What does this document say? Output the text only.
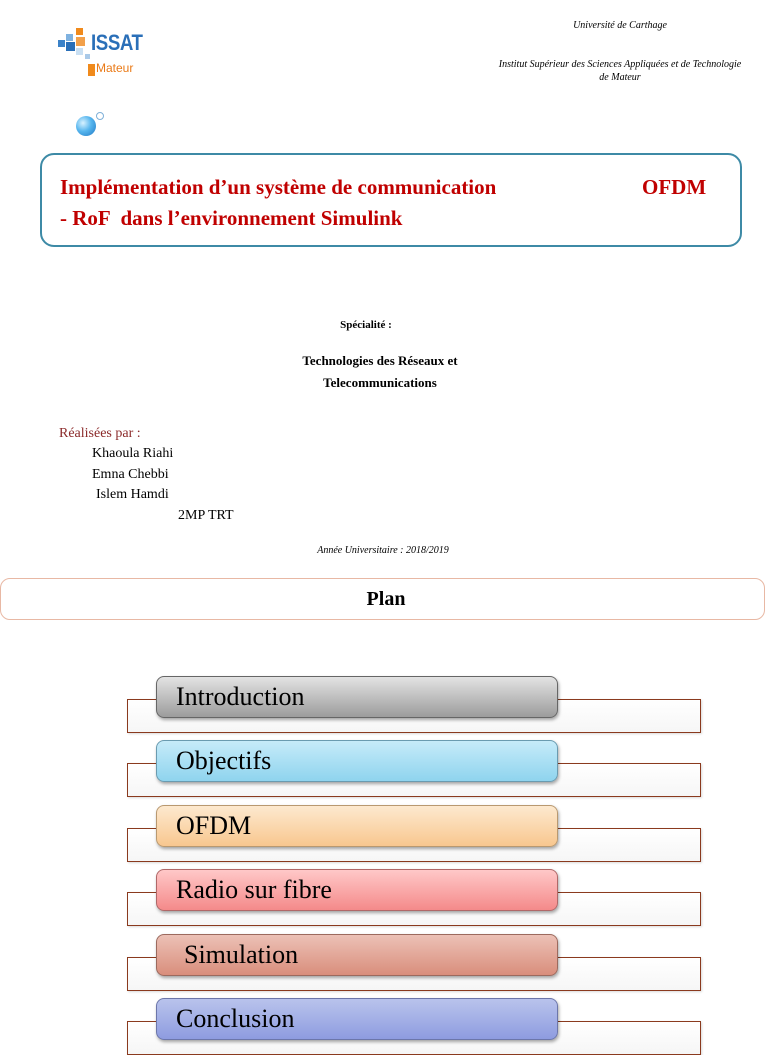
ISSAT
Mateur
Université de Carthage
Institut Supérieur des Sciences Appliquées et de Technologie de Mateur
Implémentation d’un système de communication	OFDM
- RoF  dans l’environnement Simulink
Spécialité :
Technologies des Réseaux et Telecommunications
Réalisées par :
Khaoula Riahi
Emna Chebbi
Islem Hamdi
2MP TRT
Année Universitaire : 2018/2019
Plan
Introduction
Objectifs
OFDM
Radio sur fibre
Simulation
Conclusion
